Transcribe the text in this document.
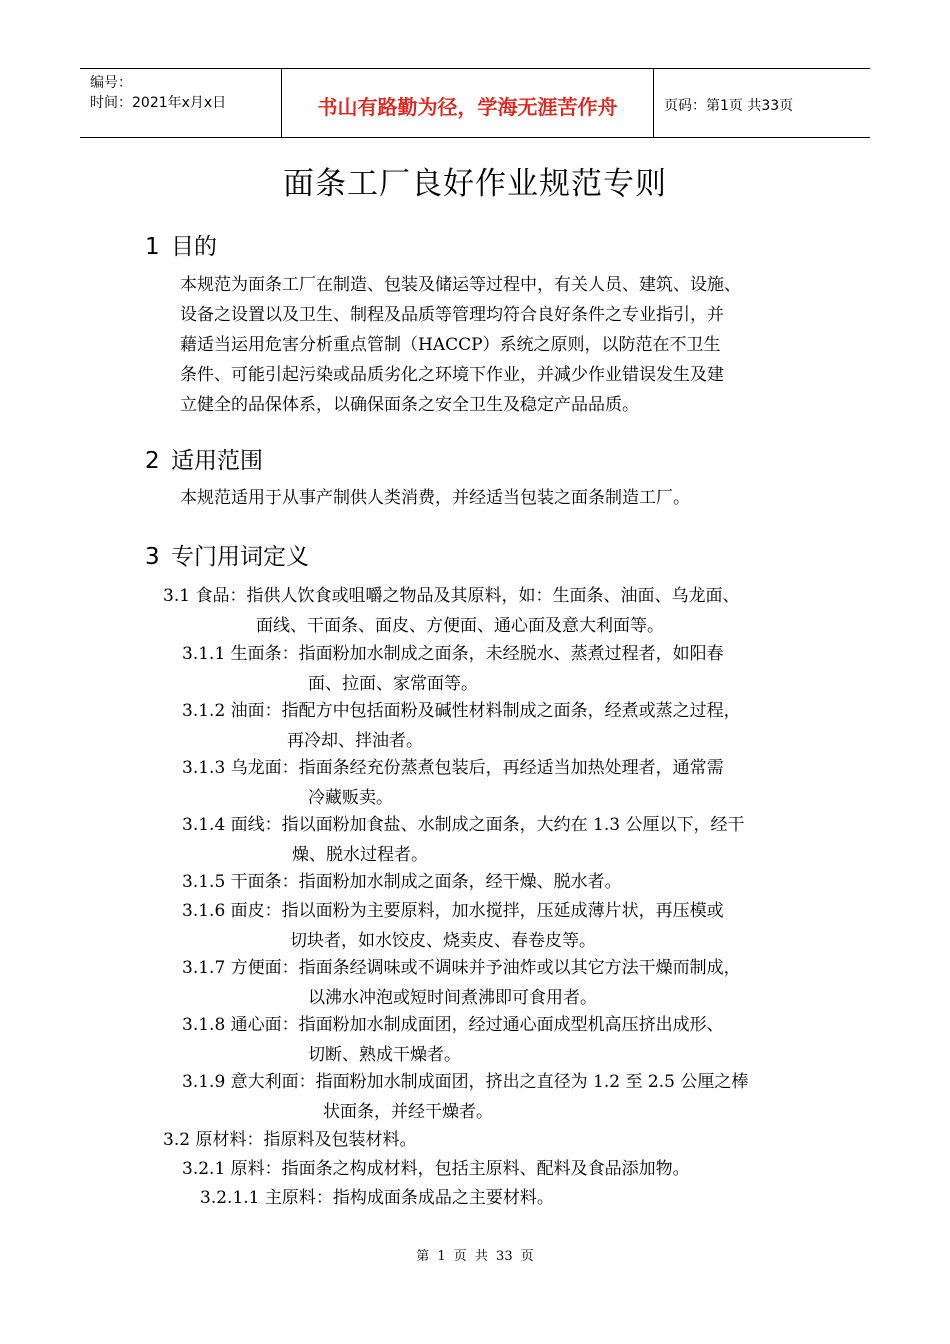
编号：
时间：2021年x月x日	书山有路勤为径，学海无涯苦作舟	页码：第1页 共33页
面条工厂良好作业规范专则
1 目的
本规范为面条工厂在制造、包装及储运等过程中，有关人员、建筑、设施、
设备之设置以及卫生、制程及品质等管理均符合良好条件之专业指引，并
藉适当运用危害分析重点管制（HACCP）系统之原则，以防范在不卫生
条件、可能引起污染或品质劣化之环境下作业，并减少作业错误发生及建
立健全的品保体系，以确保面条之安全卫生及稳定产品品质。
2 适用范围
本规范适用于从事产制供人类消费，并经适当包装之面条制造工厂。
3 专门用词定义
3.1 食品：指供人饮食或咀嚼之物品及其原料，如：生面条、油面、乌龙面、
面线、干面条、面皮、方便面、通心面及意大利面等。
3.1.1 生面条：指面粉加水制成之面条，未经脱水、蒸煮过程者，如阳春
面、拉面、家常面等。
3.1.2 油面：指配方中包括面粉及碱性材料制成之面条，经煮或蒸之过程，
再冷却、拌油者。
3.1.3 乌龙面：指面条经充份蒸煮包装后，再经适当加热处理者，通常需
冷藏贩卖。
3.1.4 面线：指以面粉加食盐、水制成之面条，大约在 1.3 公厘以下，经干
燥、脱水过程者。
3.1.5 干面条：指面粉加水制成之面条，经干燥、脱水者。
3.1.6 面皮：指以面粉为主要原料，加水搅拌，压延成薄片状，再压模或
切块者，如水饺皮、烧卖皮、春卷皮等。
3.1.7 方便面：指面条经调味或不调味并予油炸或以其它方法干燥而制成，
以沸水冲泡或短时间煮沸即可食用者。
3.1.8 通心面：指面粉加水制成面团，经过通心面成型机高压挤出成形、
切断、熟成干燥者。
3.1.9 意大利面：指面粉加水制成面团，挤出之直径为 1.2 至 2.5 公厘之棒
状面条，并经干燥者。
3.2 原材料：指原料及包装材料。
3.2.1 原料：指面条之构成材料，包括主原料、配料及食品添加物。
3.2.1.1 主原料：指构成面条成品之主要材料。
第 1 页 共 33 页
